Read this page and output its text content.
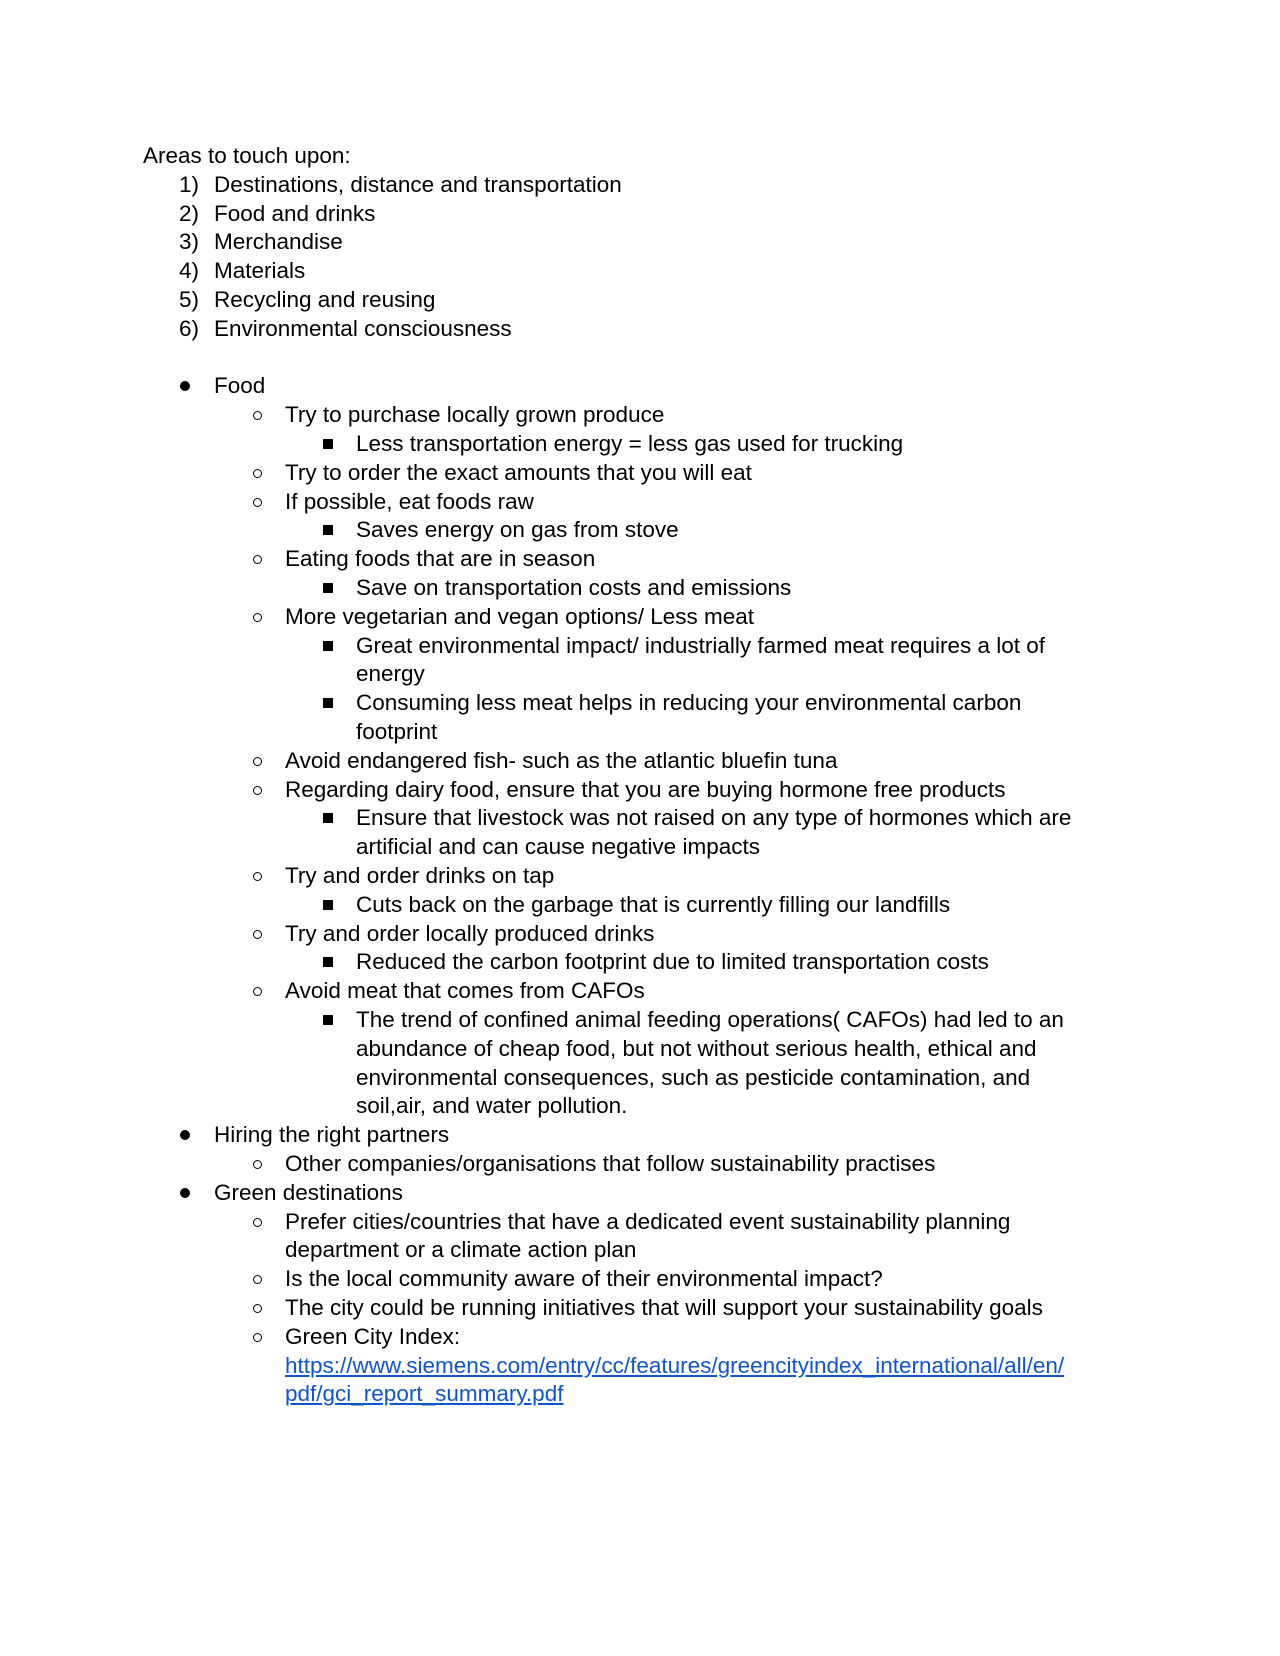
Areas to touch upon:
1) Destinations, distance and transportation
2) Food and drinks
3) Merchandise
4) Materials
5) Recycling and reusing
6) Environmental consciousness
Food
Try to purchase locally grown produce
Less transportation energy = less gas used for trucking
Try to order the exact amounts that you will eat
If possible, eat foods raw
Saves energy on gas from stove
Eating foods that are in season
Save on transportation costs and emissions
More vegetarian and vegan options/ Less meat
Great environmental impact/ industrially farmed meat requires a lot of
energy
Consuming less meat helps in reducing your environmental carbon
footprint
Avoid endangered fish- such as the atlantic bluefin tuna
Regarding dairy food, ensure that you are buying hormone free products
Ensure that livestock was not raised on any type of hormones which are
artificial and can cause negative impacts
Try and order drinks on tap
Cuts back on the garbage that is currently filling our landfills
Try and order locally produced drinks
Reduced the carbon footprint due to limited transportation costs
Avoid meat that comes from CAFOs
The trend of confined animal feeding operations( CAFOs) had led to an
abundance of cheap food, but not without serious health, ethical and
environmental consequences, such as pesticide contamination, and
soil,air, and water pollution.
Hiring the right partners
Other companies/organisations that follow sustainability practises
Green destinations
Prefer cities/countries that have a dedicated event sustainability planning
department or a climate action plan
Is the local community aware of their environmental impact?
The city could be running initiatives that will support your sustainability goals
Green City Index:
https://www.siemens.com/entry/cc/features/greencityindex_international/all/en/
pdf/gci_report_summary.pdf
